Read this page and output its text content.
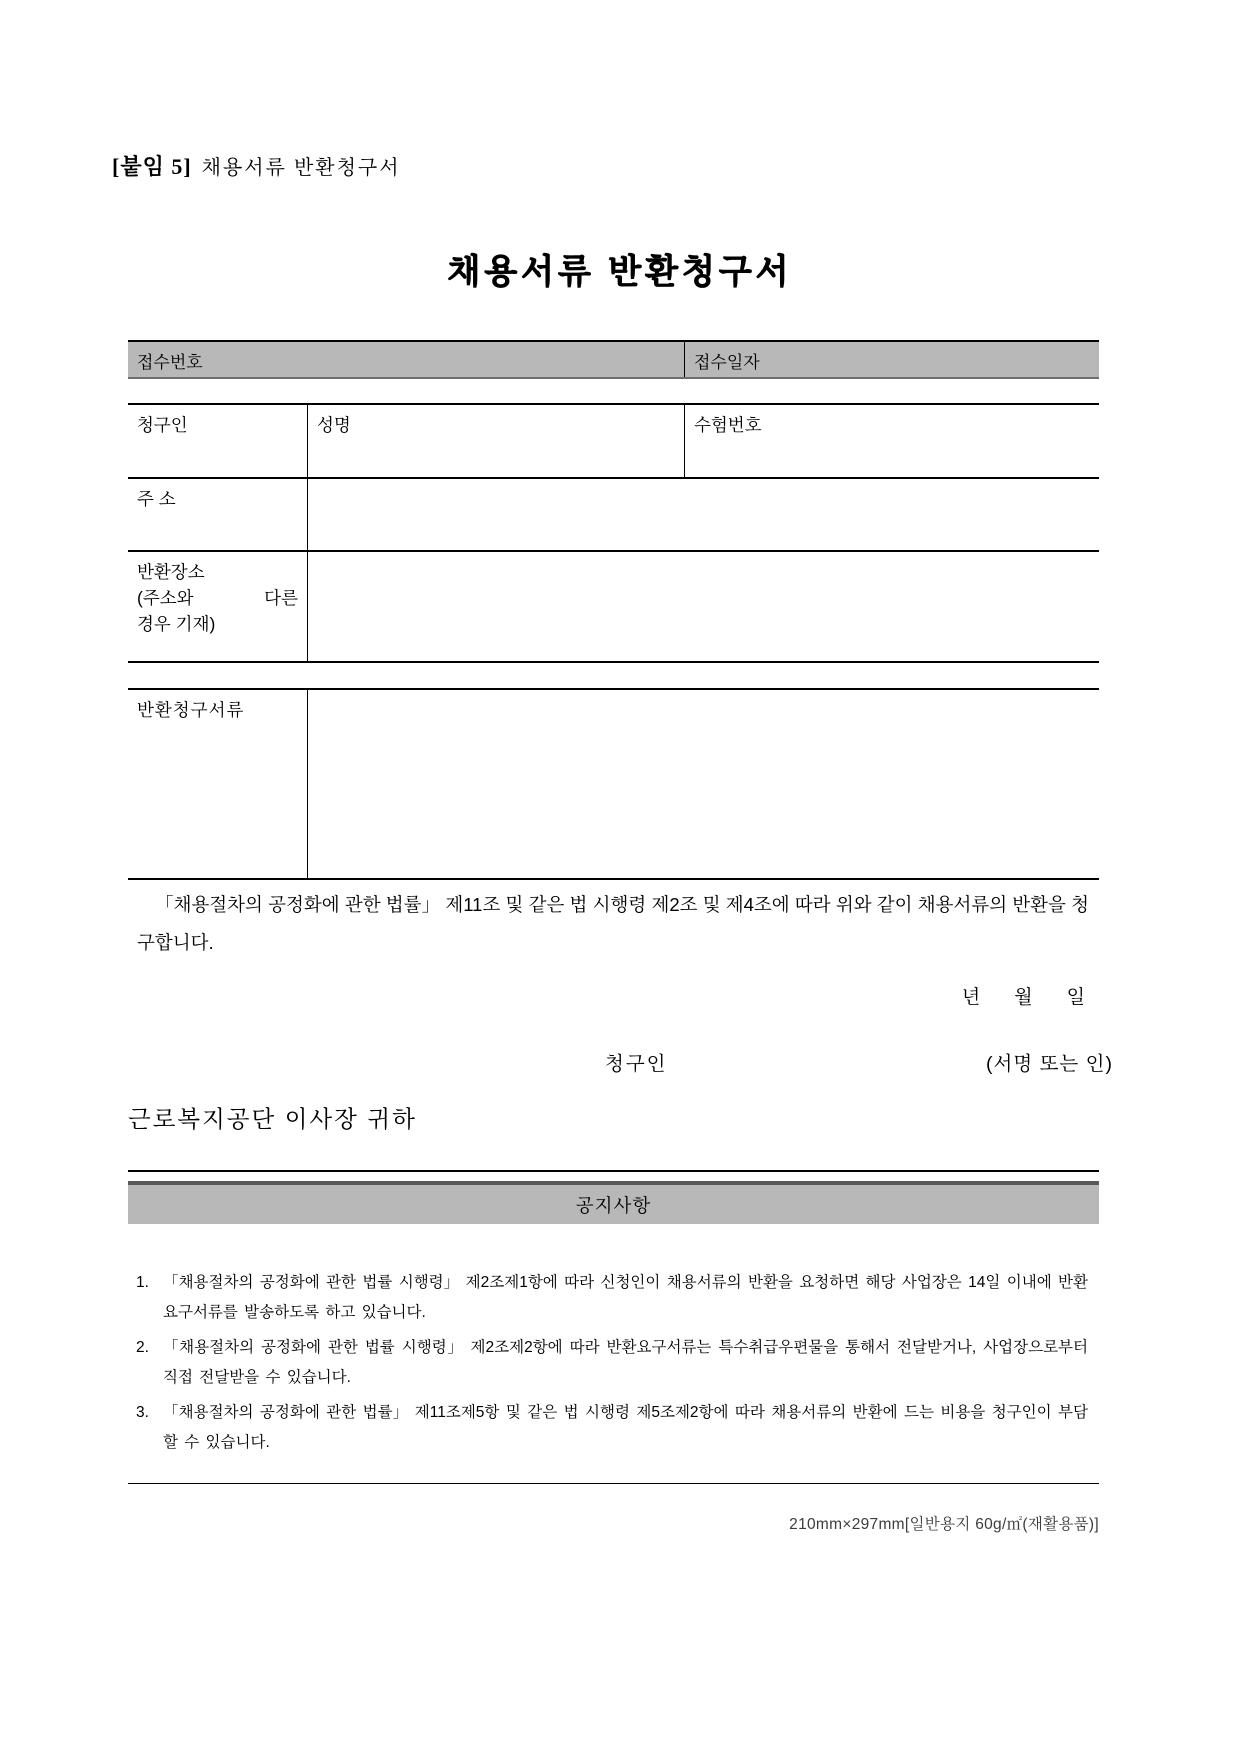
[붙임 5] 채용서류 반환청구서
채용서류 반환청구서
접수번호	접수일자
청구인	성명	수험번호
주 소
반환장소
(주소와 다른
경우 기재)
반환청구서류

「채용절차의 공정화에 관한 법률」 제11조 및 같은 법 시행령 제2조 및 제4조에 따라 위와 같이 채용서류의 반환을 청구합니다.

년 월 일
청구인	(서명 또는 인)
근로복지공단 이사장 귀하
공지사항
1. 「채용절차의 공정화에 관한 법률 시행령」 제2조제1항에 따라 신청인이 채용서류의 반환을 요청하면 해당 사업장은 14일 이내에 반환요구서류를 발송하도록 하고 있습니다.
2. 「채용절차의 공정화에 관한 법률 시행령」 제2조제2항에 따라 반환요구서류는 특수취급우편물을 통해서 전달받거나, 사업장으로부터 직접 전달받을 수 있습니다.
3. 「채용절차의 공정화에 관한 법률」 제11조제5항 및 같은 법 시행령 제5조제2항에 따라 채용서류의 반환에 드는 비용을 청구인이 부담할 수 있습니다.
210mm×297mm[일반용지 60g/㎡(재활용품)]
